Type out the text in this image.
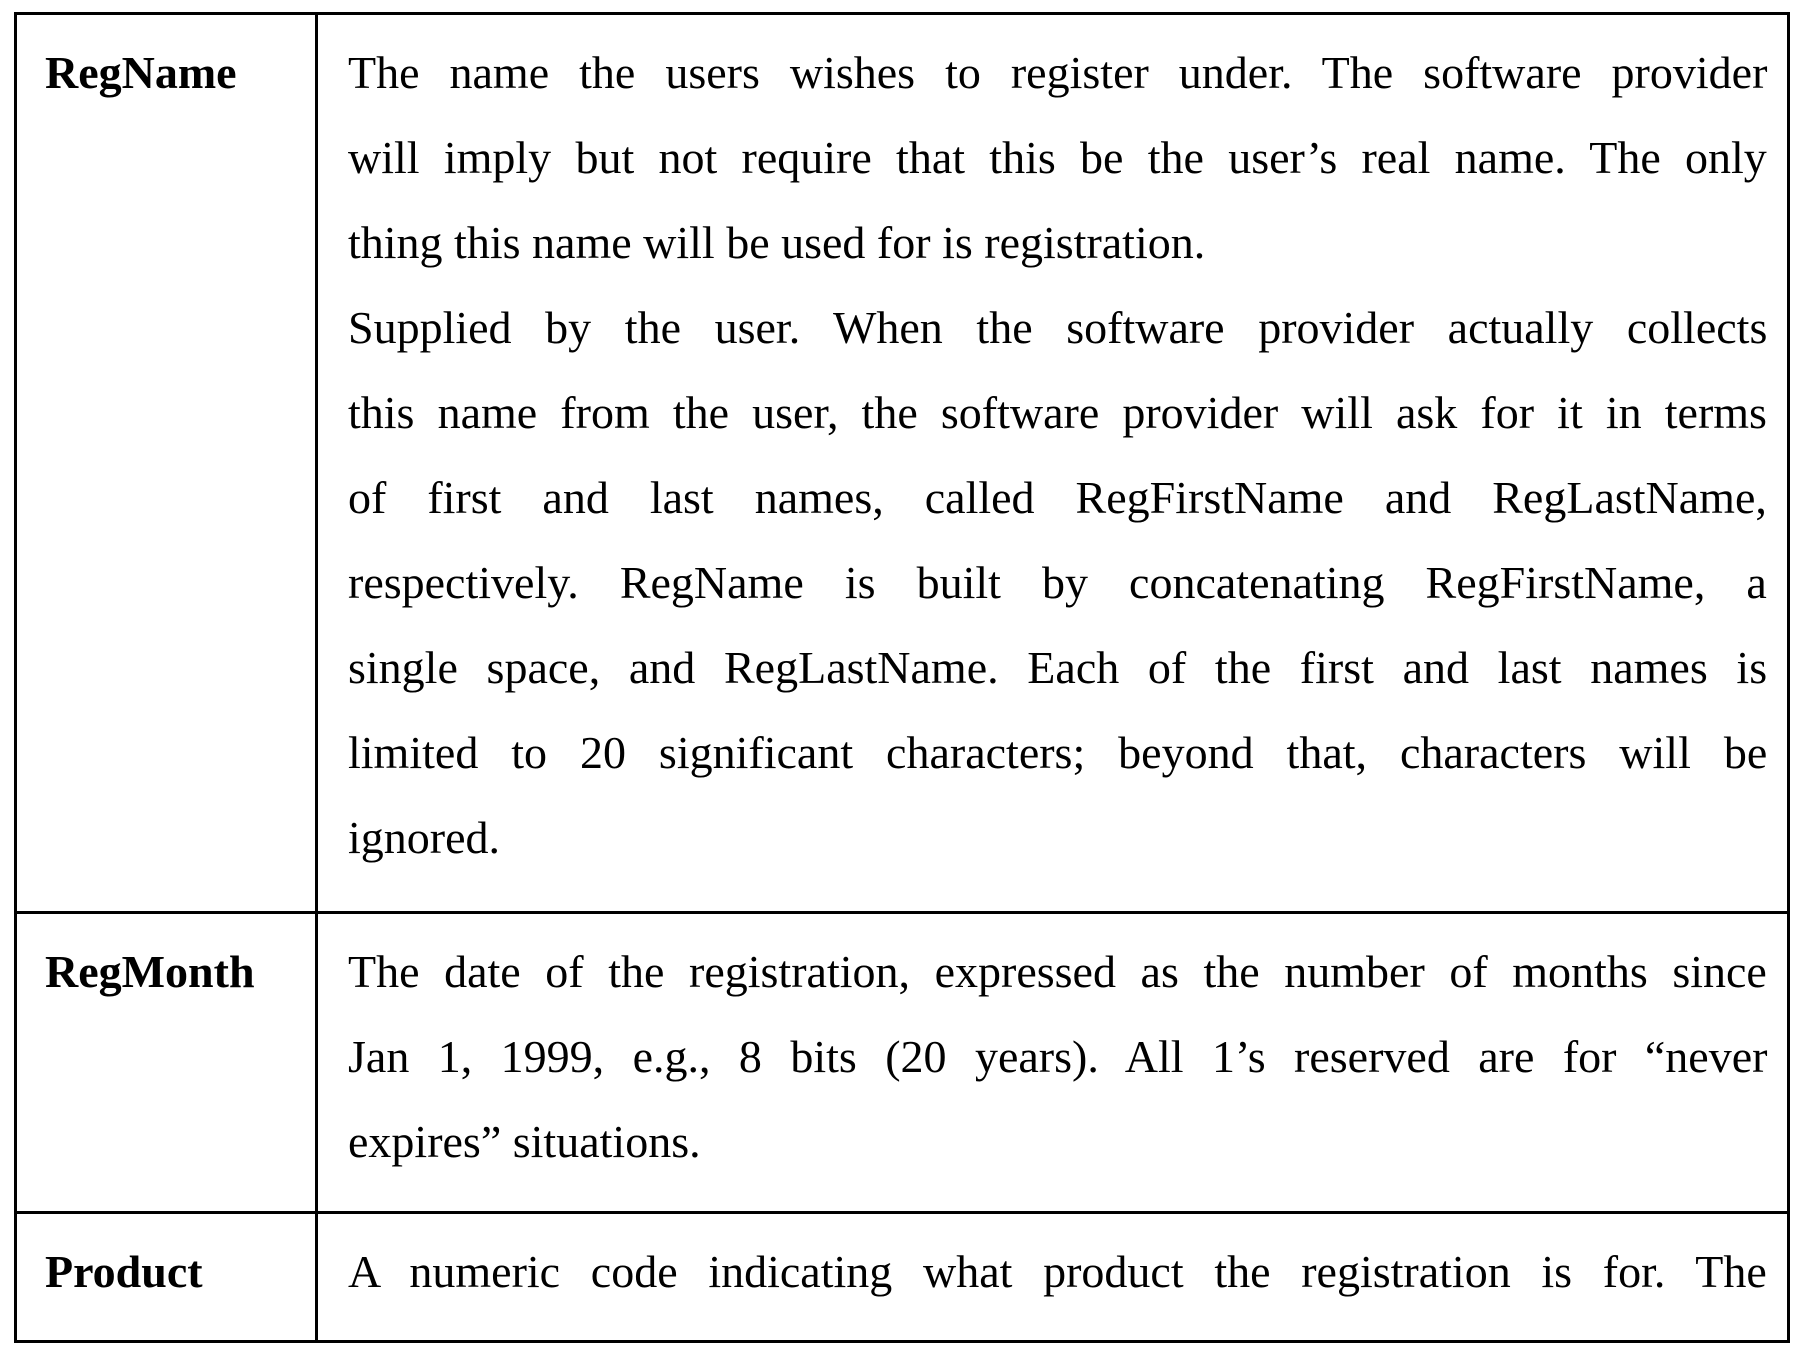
RegName	The name the users wishes to register under. The software provider
will imply but not require that this be the user’s real name. The only
thing this name will be used for is registration.
Supplied by the user. When the software provider actually collects
this name from the user, the software provider will ask for it in terms
of first and last names, called RegFirstName and RegLastName,
respectively. RegName is built by concatenating RegFirstName, a
single space, and RegLastName. Each of the first and last names is
limited to 20 significant characters; beyond that, characters will be
ignored.
RegMonth	The date of the registration, expressed as the number of months since
Jan 1, 1999, e.g., 8 bits (20 years). All 1’s reserved are for “never
expires” situations.
Product	A numeric code indicating what product the registration is for. The
